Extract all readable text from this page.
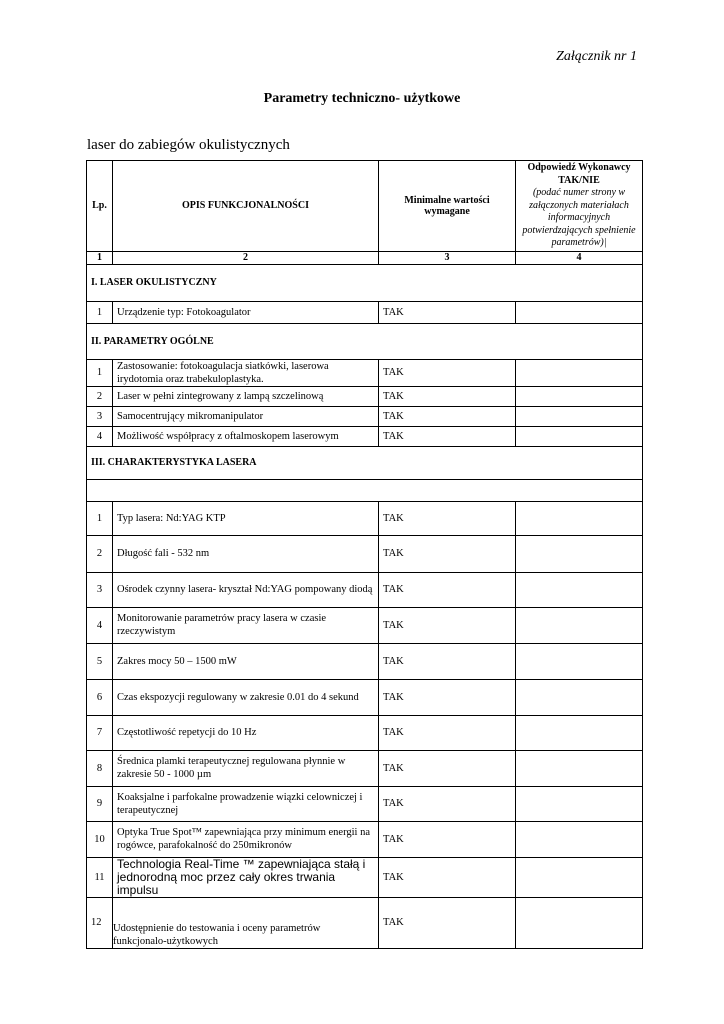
Załącznik nr 1
Parametry techniczno- użytkowe
laser do zabiegów okulistycznych
Lp.	OPIS FUNKCJONALNOŚCI	Minimalne wartości wymagane	Odpowiedź Wykonawcy TAK/NIE
(podać numer strony w załączonych materiałach informacyjnych potwierdzających spełnienie parametrów)|
1	2	3	4
I. LASER OKULISTYCZNY			
1	Urządzenie typ: Fotokoagulator	TAK	
II. PARAMETRY OGÓLNE			
1	Zastosowanie: fotokoagulacja siatkówki, laserowa irydotomia oraz trabekuloplastyka.	TAK	
2	Laser w pełni zintegrowany z lampą szczelinową	TAK	
3	Samocentrujący mikromanipulator	TAK	
4	Możliwość współpracy z oftalmoskopem laserowym	TAK	
III. CHARAKTERYSTYKA LASERA			

1	Typ lasera: Nd:YAG KTP	TAK	
2	Długość fali - 532 nm	TAK	
3	Ośrodek czynny lasera- kryształ Nd:YAG pompowany diodą	TAK	
4	Monitorowanie parametrów pracy lasera w czasie rzeczywistym	TAK	
5	Zakres mocy 50 – 1500 mW	TAK	
6	Czas ekspozycji regulowany w zakresie 0.01 do 4 sekund	TAK	
7	Częstotliwość repetycji do 10 Hz	TAK	
8	Średnica plamki terapeutycznej regulowana płynnie w zakresie 50 - 1000 µm	TAK	
9	Koaksjalne i parfokalne prowadzenie wiązki celowniczej i terapeutycznej	TAK	
10	Optyka True Spot™ zapewniająca przy minimum energii na rogówce, parafokalność do 250mikronów	TAK	
11	Technologia Real-Time ™ zapewniająca stałą i jednorodną moc przez cały okres trwania impulsu	TAK	
12	Udostępnienie do testowania i oceny parametrów funkcjonalo-użytkowych	TAK	
